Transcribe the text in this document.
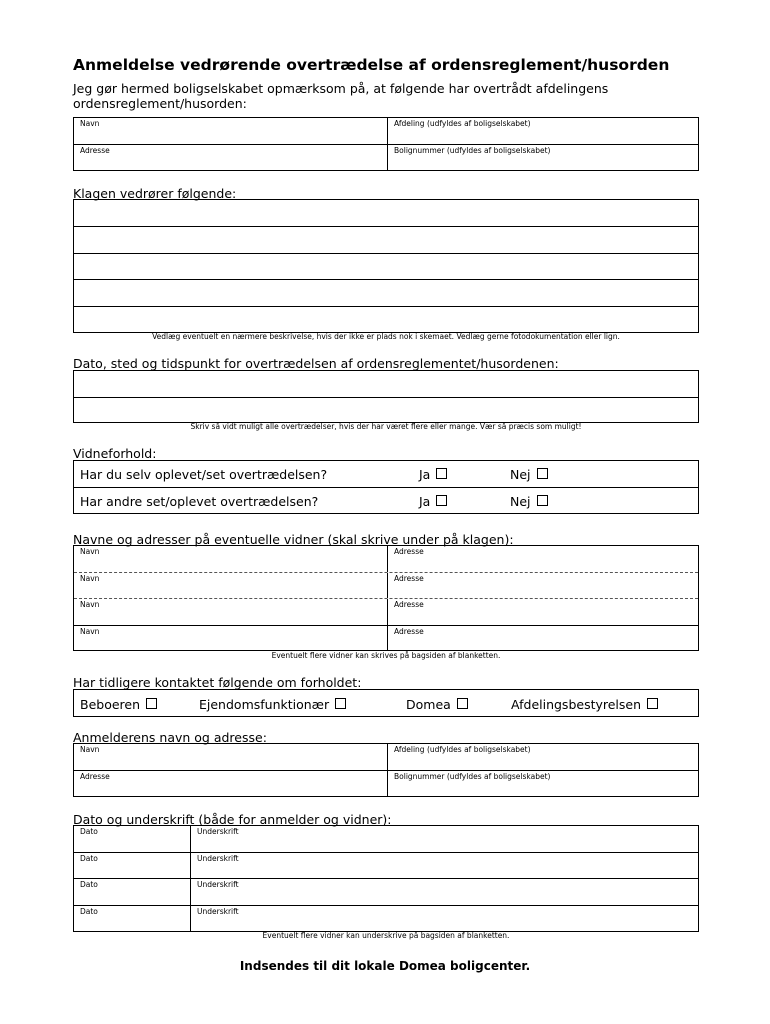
Anmeldelse vedrørende overtrædelse af ordensreglement/husorden
Jeg gør hermed boligselskabet opmærksom på, at følgende har overtrådt afdelingens ordensreglement/husorden:
Navn	Afdeling (udfyldes af boligselskabet)
Adresse	Bolignummer (udfyldes af boligselskabet)
Klagen vedrører følgende:
Vedlæg eventuelt en nærmere beskrivelse, hvis der ikke er plads nok i skemaet. Vedlæg gerne fotodokumentation eller lign.
Dato, sted og tidspunkt for overtrædelsen af ordensreglementet/husordenen:
Skriv så vidt muligt alle overtrædelser, hvis der har været flere eller mange. Vær så præcis som muligt!
Vidneforhold:
Har du selv oplevet/set overtrædelsen?	Ja	Nej
Har andre set/oplevet overtrædelsen?	Ja	Nej
Navne og adresser på eventuelle vidner (skal skrive under på klagen):
Navn	Adresse
Navn	Adresse
Navn	Adresse
Navn	Adresse
Eventuelt flere vidner kan skrives på bagsiden af blanketten.
Har tidligere kontaktet følgende om forholdet:
Beboeren	Ejendomsfunktionær	Domea	Afdelingsbestyrelsen
Anmelderens navn og adresse:
Navn	Afdeling (udfyldes af boligselskabet)
Adresse	Bolignummer (udfyldes af boligselskabet)
Dato og underskrift (både for anmelder og vidner):
Dato	Underskrift
Dato	Underskrift
Dato	Underskrift
Dato	Underskrift
Eventuelt flere vidner kan underskrive på bagsiden af blanketten.
Indsendes til dit lokale Domea boligcenter.
